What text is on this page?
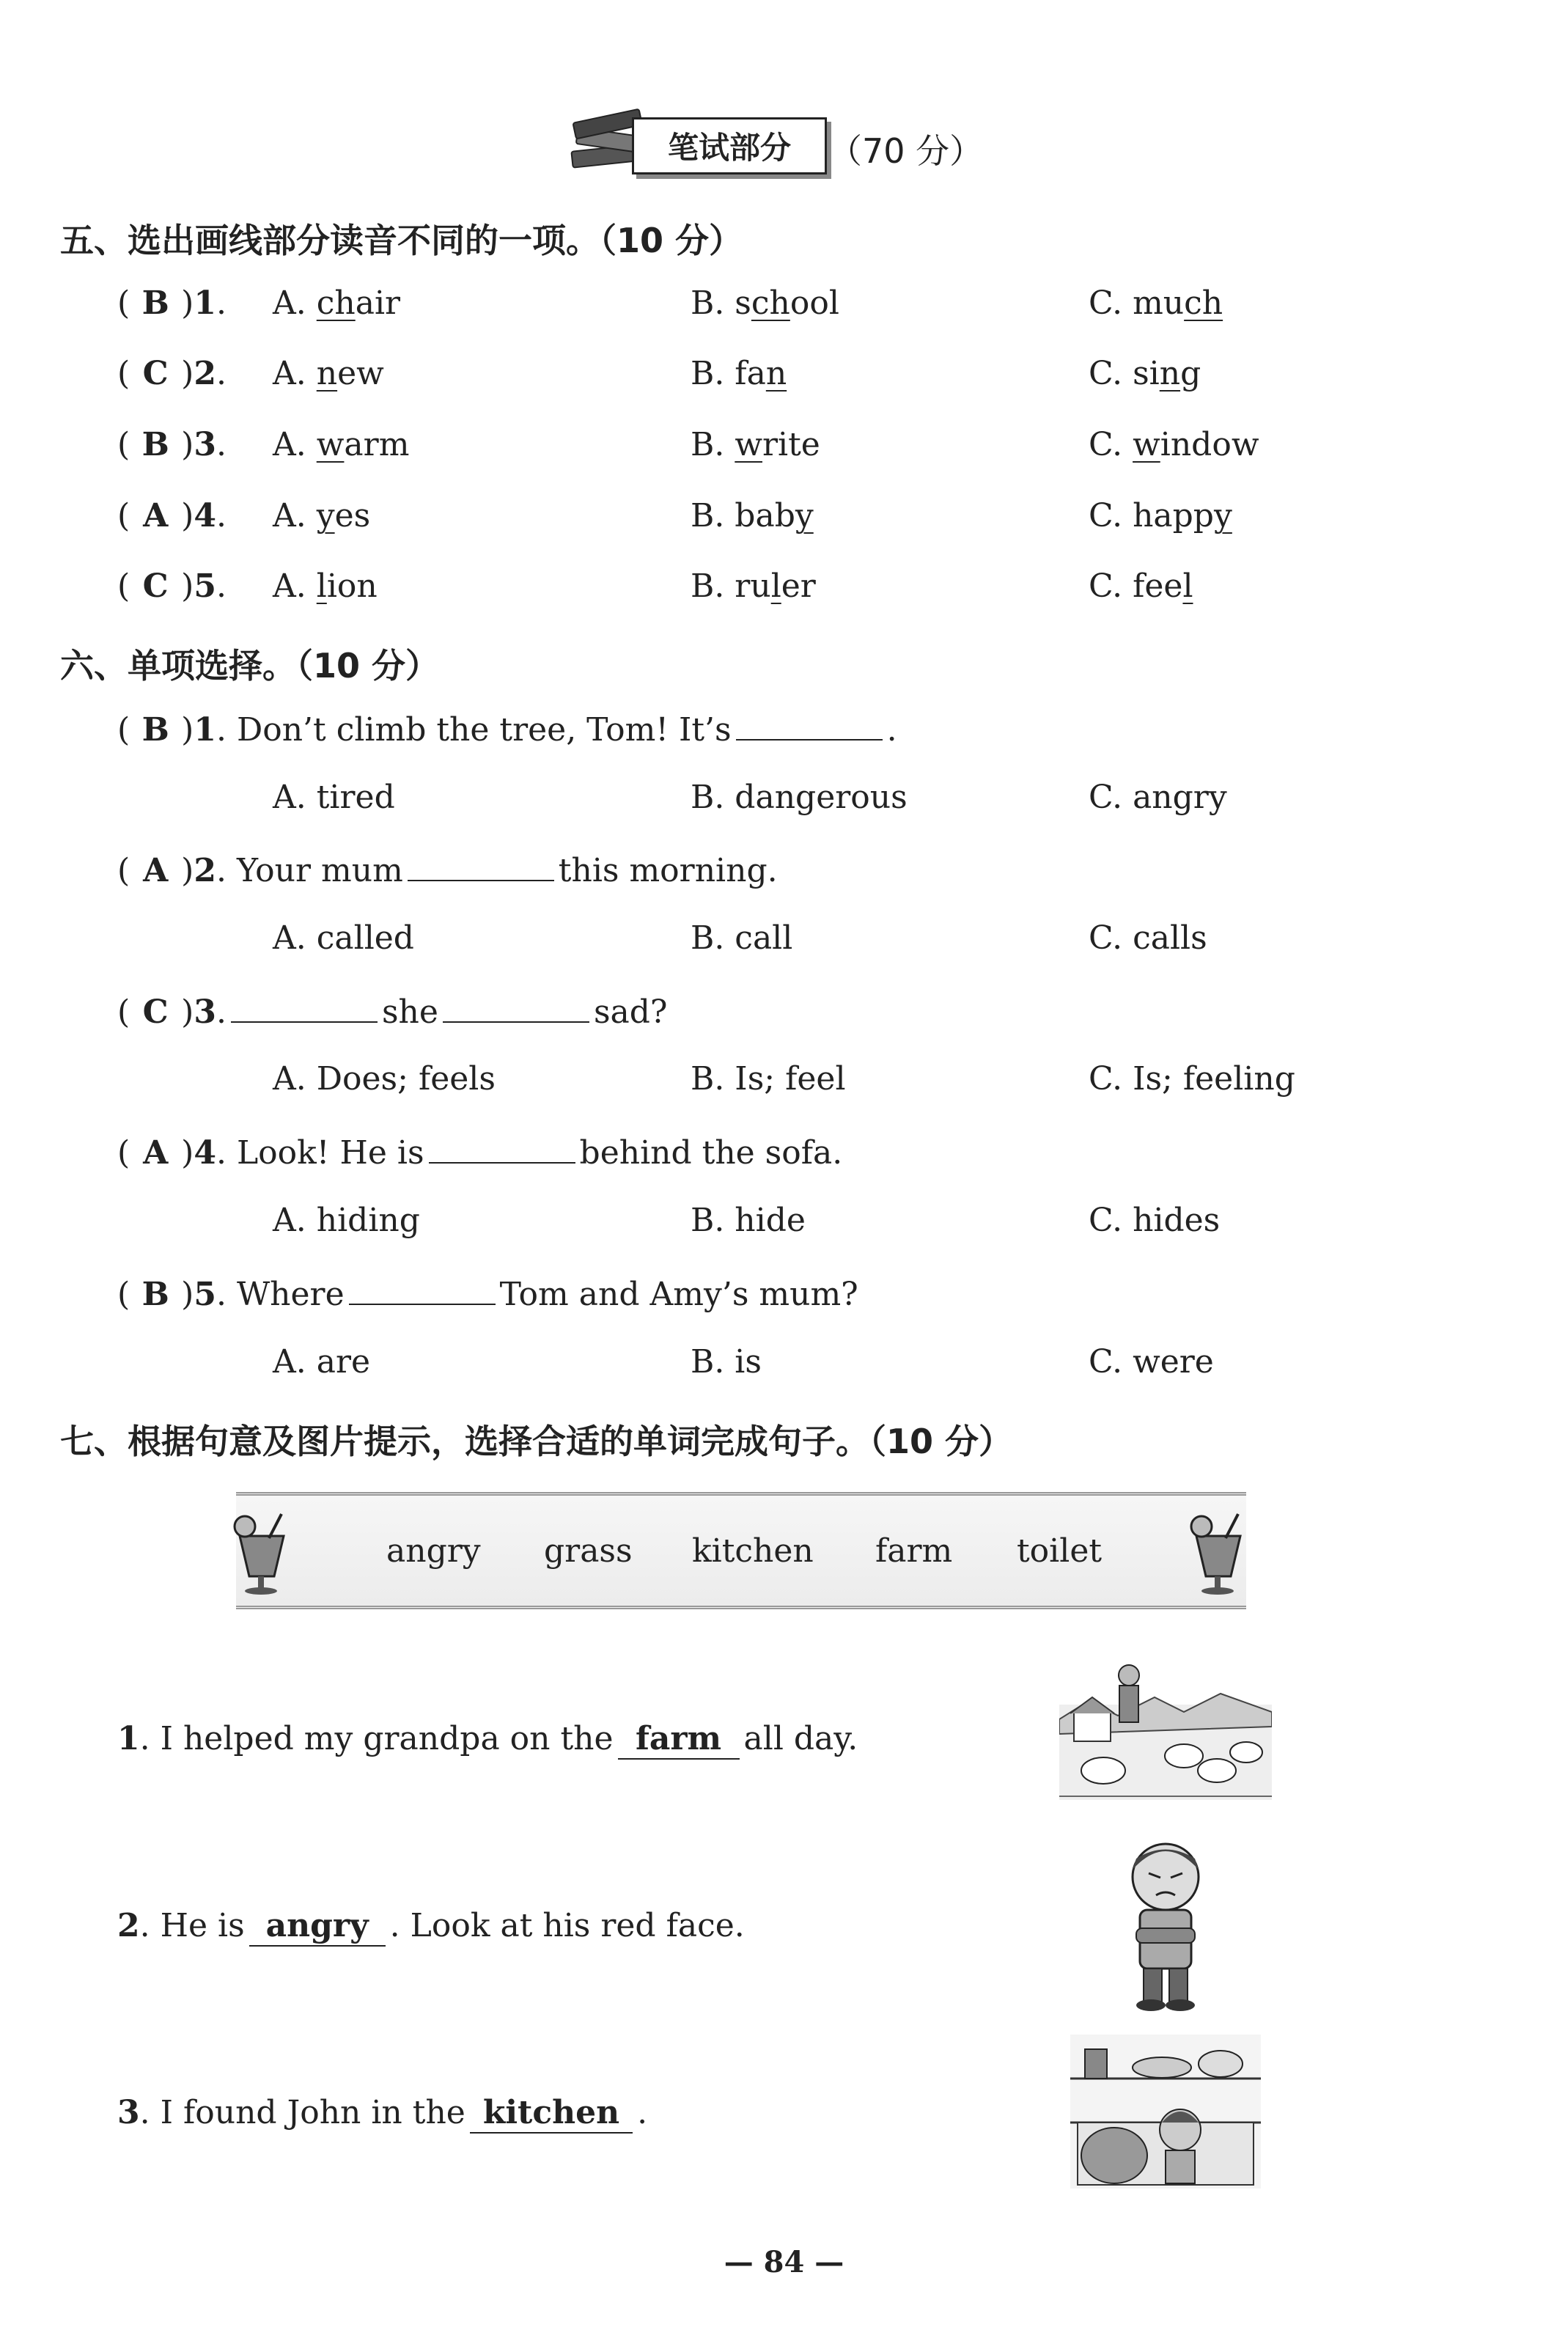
笔试部分	（70 分）
五、选出画线部分读音不同的一项。（10 分）
( B )1. A. chair	B. school	C. much
( C )2. A. new	B. fan	C. sing
( B )3. A. warm	B. write	C. window
( A )4. A. yes	B. baby	C. happy
( C )5. A. lion	B. ruler	C. feel
六、单项选择。（10 分）
( B )1. Don’t climb the tree, Tom! It’s	.
A. tired	B. dangerous	C. angry
( A )2. Your mum	this morning.
A. called	B. call	C. calls
( C )3.	she	sad?
A. Does; feels	B. Is; feel	C. Is; feeling
( A )4. Look! He is	behind the sofa.
A. hiding	B. hide	C. hides
( B )5. Where	Tom and Amy’s mum?
A. are	B. is	C. were
七、根据句意及图片提示，选择合适的单词完成句子。（10 分）
angry grass kitchen farm toilet
1. I helped my grandpa on the farm all day.
2. He is angry . Look at his red face.
3. I found John in the kitchen .
— 84 —
